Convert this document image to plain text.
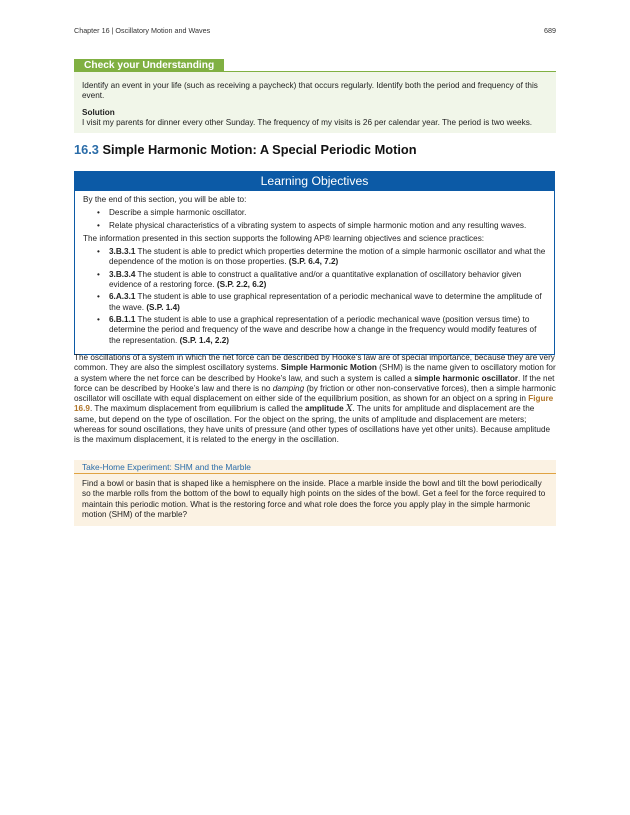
Chapter 16 | Oscillatory Motion and Waves	689
Check your Understanding

Identify an event in your life (such as receiving a paycheck) that occurs regularly. Identify both the period and frequency of this event.

Solution

I visit my parents for dinner every other Sunday. The frequency of my visits is 26 per calendar year. The period is two weeks.

16.3 Simple Harmonic Motion: A Special Periodic Motion
Learning Objectives

By the end of this section, you will be able to:

• Describe a simple harmonic oscillator.
• Relate physical characteristics of a vibrating system to aspects of simple harmonic motion and any resulting waves.

The information presented in this section supports the following AP® learning objectives and science practices:

• 3.B.3.1 The student is able to predict which properties determine the motion of a simple harmonic oscillator and what the dependence of the motion is on those properties. (S.P. 6.4, 7.2)
• 3.B.3.4 The student is able to construct a qualitative and/or a quantitative explanation of oscillatory behavior given evidence of a restoring force. (S.P. 2.2, 6.2)
• 6.A.3.1 The student is able to use graphical representation of a periodic mechanical wave to determine the amplitude of the wave. (S.P. 1.4)
• 6.B.1.1 The student is able to use a graphical representation of a periodic mechanical wave (position versus time) to determine the period and frequency of the wave and describe how a change in the frequency would modify features of the representation. (S.P. 1.4, 2.2)

The oscillations of a system in which the net force can be described by Hooke’s law are of special importance, because they are very common. They are also the simplest oscillatory systems. Simple Harmonic Motion (SHM) is the name given to oscillatory motion for a system where the net force can be described by Hooke’s law, and such a system is called a simple harmonic oscillator. If the net force can be described by Hooke’s law and there is no damping (by friction or other non-conservative forces), then a simple harmonic oscillator will oscillate with equal displacement on either side of the equilibrium position, as shown for an object on a spring in Figure 16.9. The maximum displacement from equilibrium is called the amplitude X. The units for amplitude and displacement are the same, but depend on the type of oscillation. For the object on the spring, the units of amplitude and displacement are meters; whereas for sound oscillations, they have units of pressure (and other types of oscillations have yet other units). Because amplitude is the maximum displacement, it is related to the energy in the oscillation.

Take-Home Experiment: SHM and the Marble

Find a bowl or basin that is shaped like a hemisphere on the inside. Place a marble inside the bowl and tilt the bowl periodically so the marble rolls from the bottom of the bowl to equally high points on the sides of the bowl. Get a feel for the force required to maintain this periodic motion. What is the restoring force and what role does the force you apply play in the simple harmonic motion (SHM) of the marble?
